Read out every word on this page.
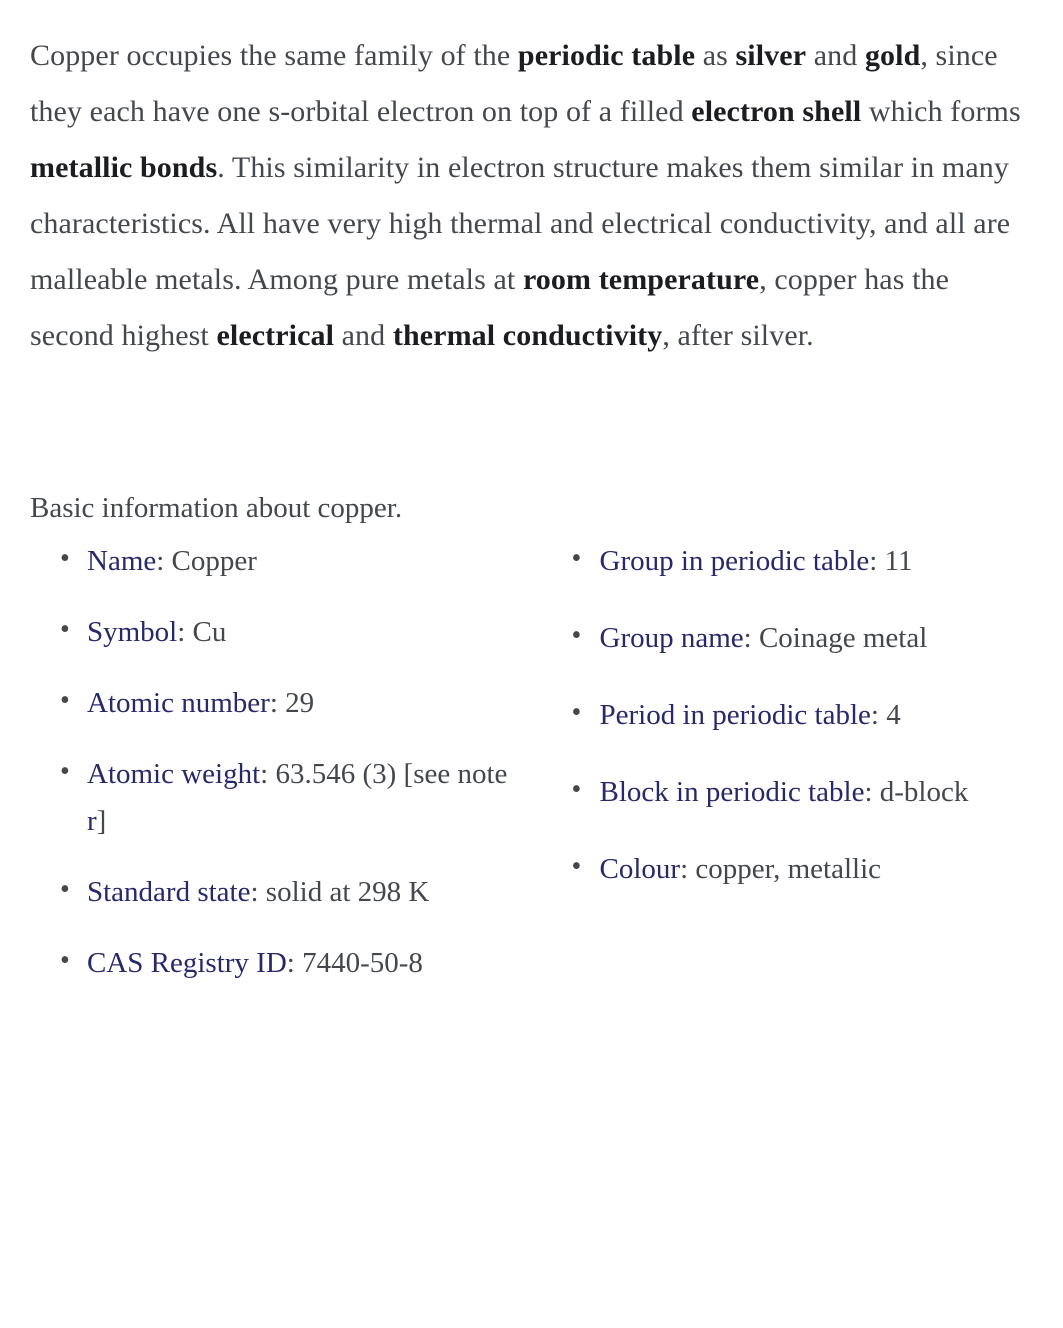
Copper occupies the same family of the periodic table as silver and gold, since they each have one s-orbital electron on top of a filled electron shell which forms metallic bonds. This similarity in electron structure makes them similar in many characteristics. All have very high thermal and electrical conductivity, and all are malleable metals. Among pure metals at room temperature, copper has the second highest electrical and thermal conductivity, after silver.

Basic information about copper.

• Name: Copper
• Symbol: Cu
• Atomic number: 29
• Atomic weight: 63.546 (3) [see note r]
• Standard state: solid at 298 K
• CAS Registry ID: 7440-50-8
• Group in periodic table: 11
• Group name: Coinage metal
• Period in periodic table: 4
• Block in periodic table: d-block
• Colour: copper, metallic
